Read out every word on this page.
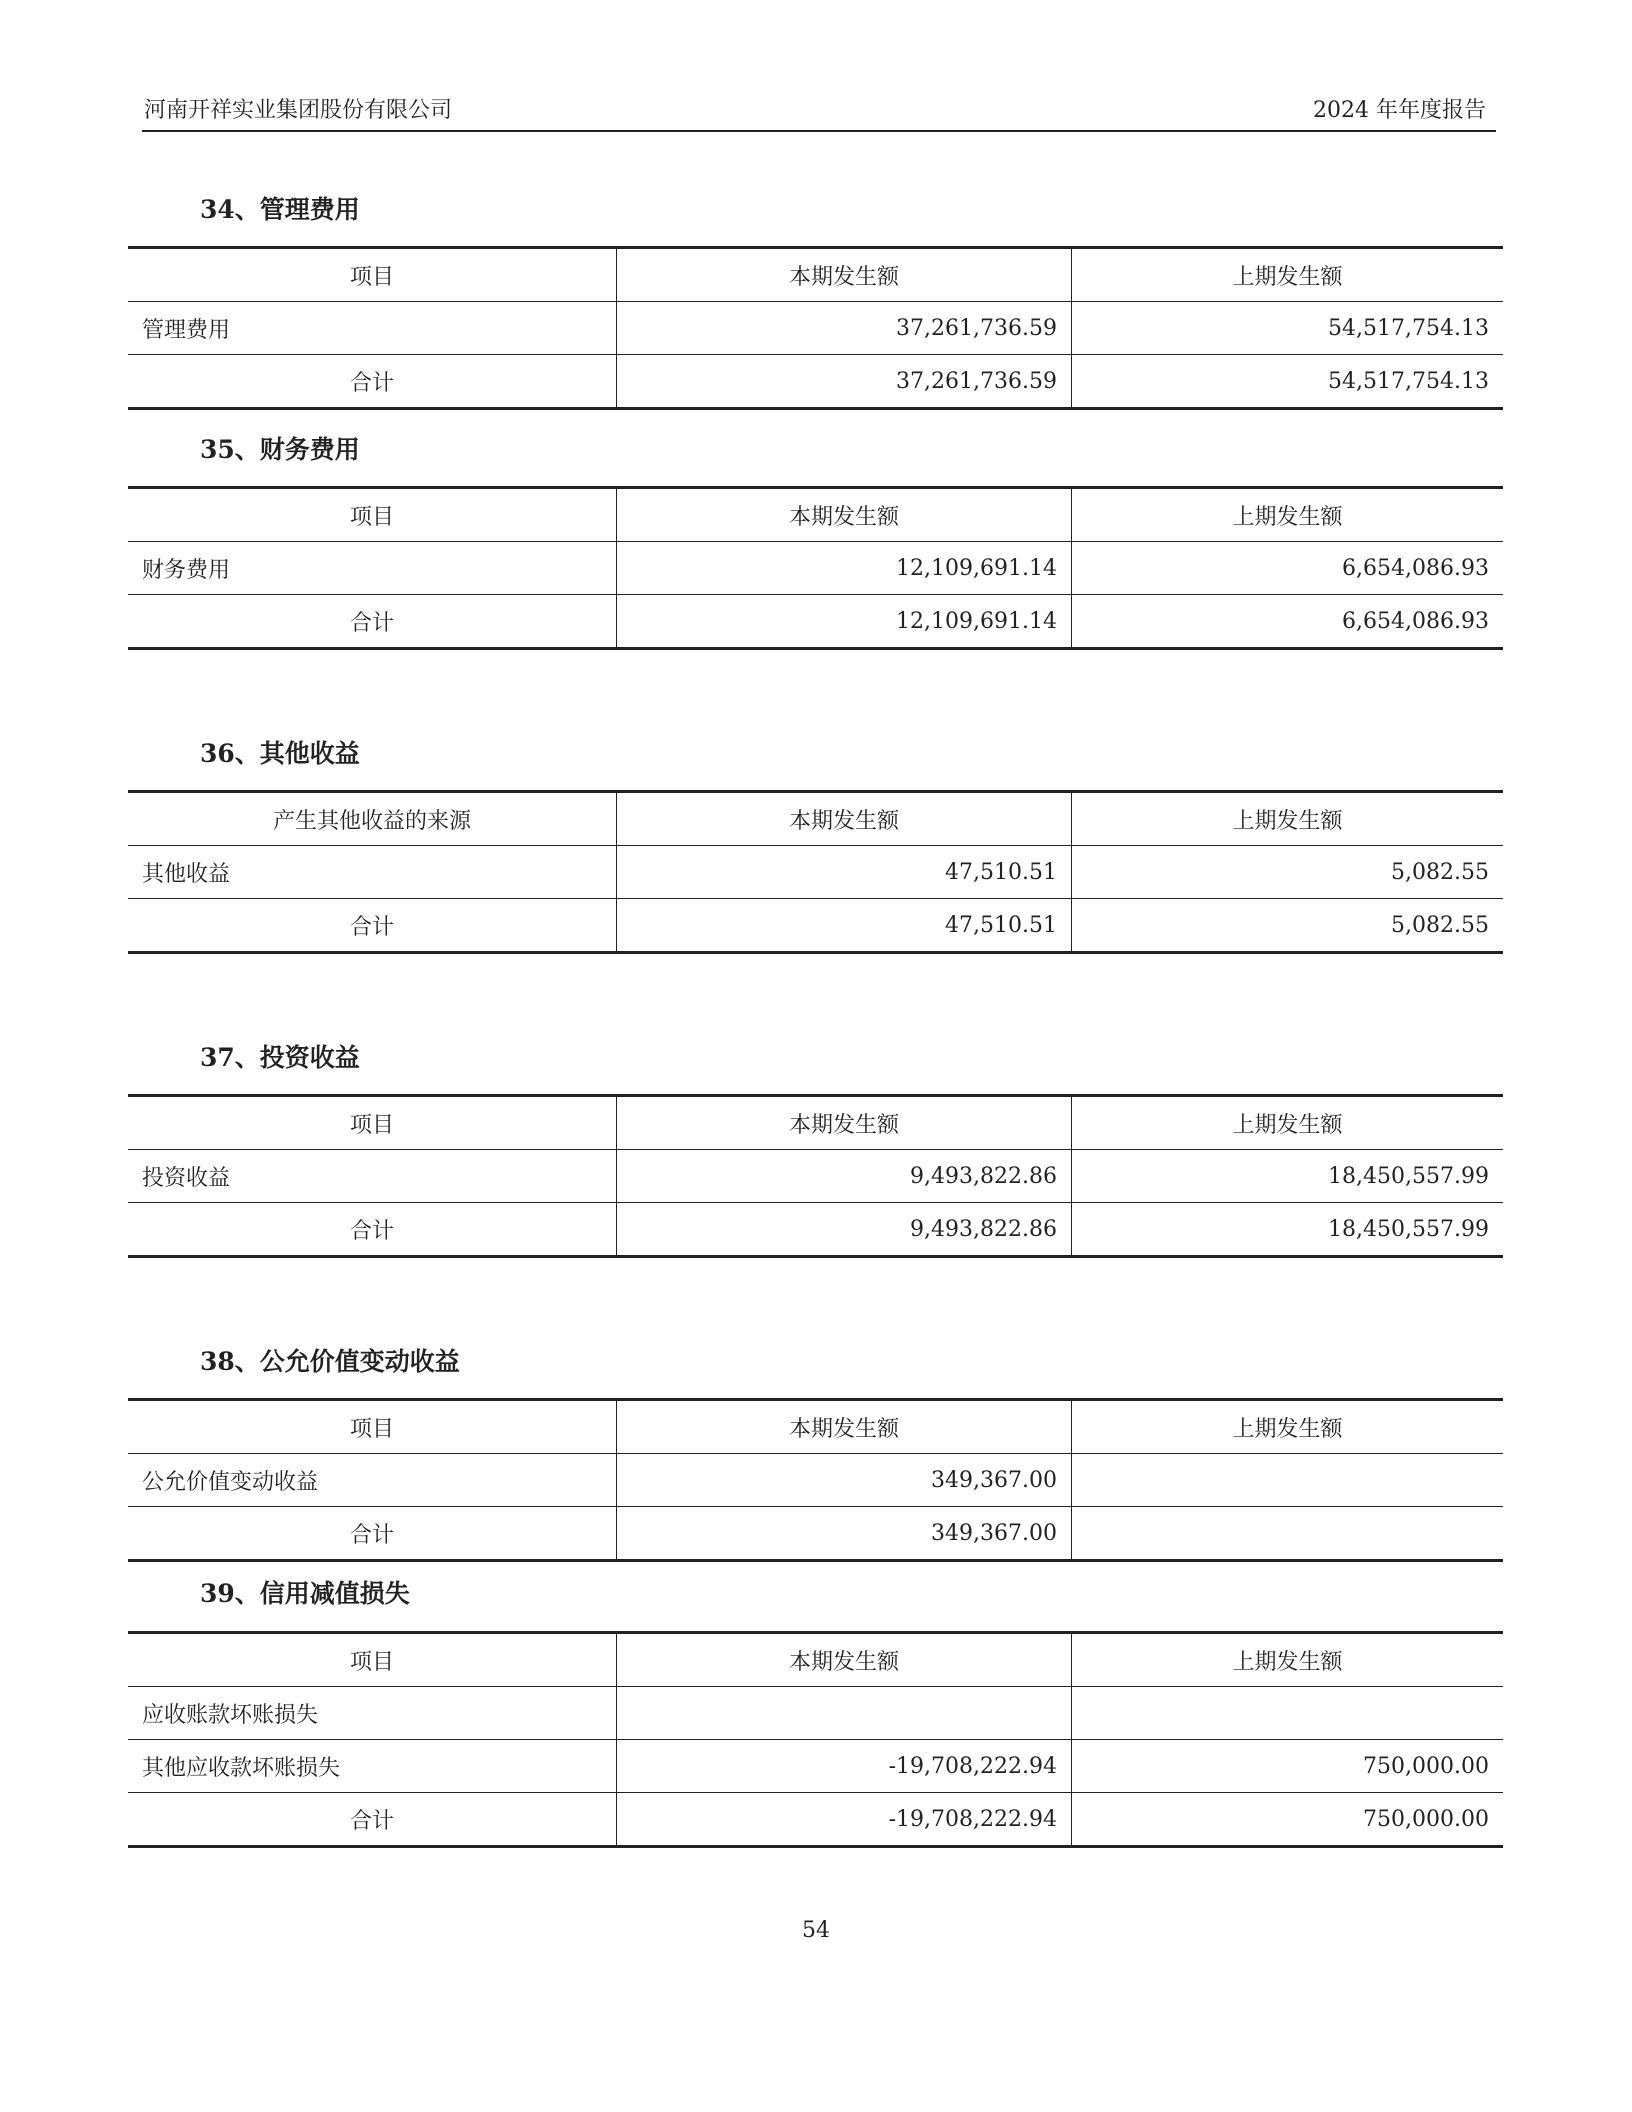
河南开祥实业集团股份有限公司	2024 年年度报告
34、管理费用
项目	本期发生额	上期发生额
管理费用	37,261,736.59	54,517,754.13
合计	37,261,736.59	54,517,754.13
35、财务费用
项目	本期发生额	上期发生额
财务费用	12,109,691.14	6,654,086.93
合计	12,109,691.14	6,654,086.93
36、其他收益
产生其他收益的来源	本期发生额	上期发生额
其他收益	47,510.51	5,082.55
合计	47,510.51	5,082.55
37、投资收益
项目	本期发生额	上期发生额
投资收益	9,493,822.86	18,450,557.99
合计	9,493,822.86	18,450,557.99
38、公允价值变动收益
项目	本期发生额	上期发生额
公允价值变动收益	349,367.00	
合计	349,367.00	
39、信用减值损失
项目	本期发生额	上期发生额
应收账款坏账损失		
其他应收款坏账损失	-19,708,222.94	750,000.00
合计	-19,708,222.94	750,000.00
54
